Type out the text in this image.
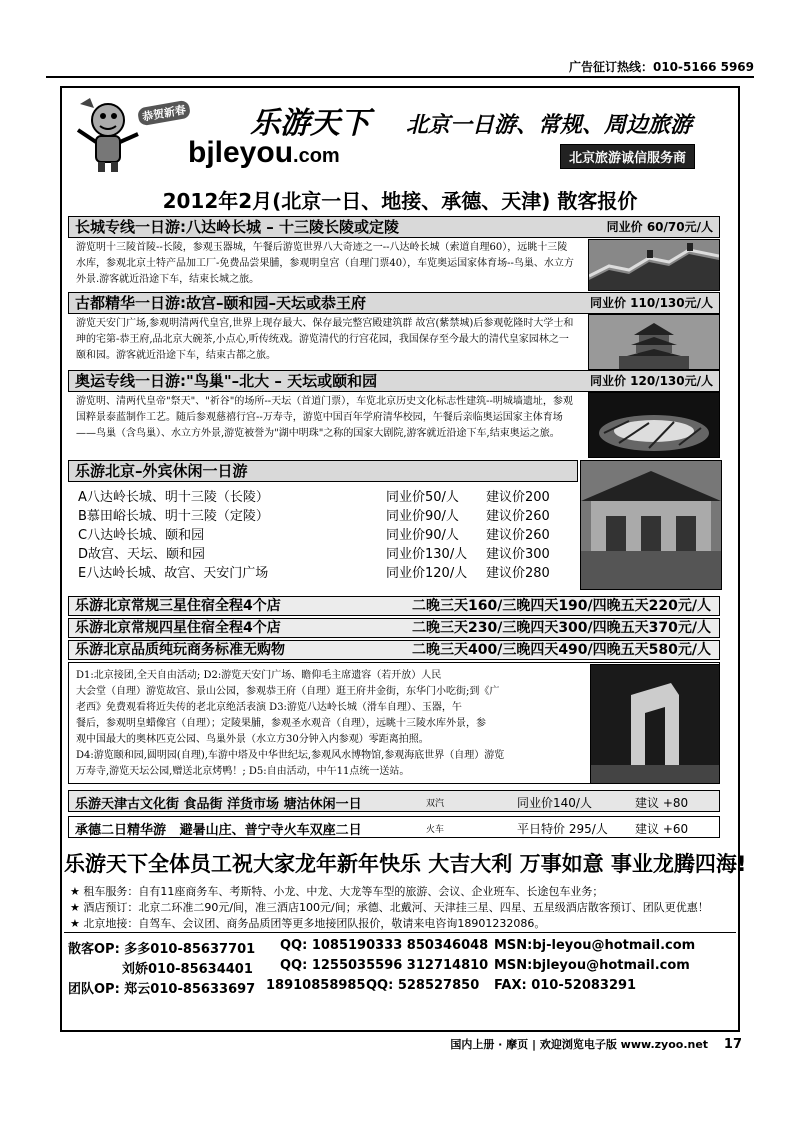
广告征订热线：010-5166 5969
恭贺新春 乐游天下 北京一日游、常规、周边旅游
bjleyou.com	北京旅游诚信服务商
2012年2月(北京一日、地接、承德、天津) 散客报价
长城专线一日游:八达岭长城 – 十三陵长陵或定陵	同业价 60/70元/人
游览明十三陵首陵--长陵，参观玉器城，午餐后游览世界八大奇迹之一--八达岭长城（索道自理60），远眺十三陵水库，参观北京土特产品加工厂-免费品尝果脯，参观明皇宫（自理门票40），车览奥运国家体育场--鸟巢、水立方外景.游客就近沿途下车，结束长城之旅。
古都精华一日游:故宫–颐和园–天坛或恭王府	同业价 110/130元/人
游览天安门广场,参观明清两代皇宫,世界上现存最大、保存最完整宫殿建筑群 故宫(紫禁城)后参观乾隆时大学士和珅的宅第-恭王府,品北京大碗茶,小点心,听传统戏。游览清代的行宫花园，我国保存至今最大的清代皇家园林之一颐和园。游客就近沿途下车，结束古都之旅。
奥运专线一日游:"鸟巢"–北大 – 天坛或颐和园	同业价 120/130元/人
游览明、清两代皇帝"祭天"、"祈谷"的场所--天坛（首道门票），车览北京历史文化标志性建筑--明城墙遗址，参观国粹景泰蓝制作工艺。随后参观慈禧行宫--万寿寺，游览中国百年学府清华校园，午餐后亲临奥运国家主体育场——鸟巢（含鸟巢）、水立方外景,游览被誉为"湖中明珠"之称的国家大剧院,游客就近沿途下车,结束奥运之旅。
乐游北京–外宾休闲一日游
A八达岭长城、明十三陵（长陵）	同业价50/人 建议价200
B慕田峪长城、明十三陵（定陵）	同业价90/人 建议价260
C八达岭长城、颐和园	同业价90/人 建议价260
D故宫、天坛、颐和园	同业价130/人 建议价300
E八达岭长城、故宫、天安门广场	同业价120/人 建议价280
乐游北京常规三星住宿全程4个店	二晚三天160/三晚四天190/四晚五天220元/人
乐游北京常规四星住宿全程4个店	二晚三天230/三晚四天300/四晚五天370元/人
乐游北京品质纯玩商务标准无购物	二晚三天400/三晚四天490/四晚五天580元/人
D1:北京接团,全天自由活动; D2:游览天安门广场、瞻仰毛主席遗容（若开放）人民
大会堂（自理）游览故宫、景山公园，参观恭王府（自理）逛王府井金街，东华门小吃街;到《广
老西》免费观看将近失传的老北京绝活表演 D3:游览八达岭长城（滑车自理）、玉器，午
餐后，参观明皇蜡像宫（自理）；定陵果脯，参观圣水观音（自理），远眺十三陵水库外景，参
观中国最大的奥林匹克公园、鸟巢外景（水立方30分钟入内参观）零距离拍照。
D4:游览颐和园,圆明园(自理),车游中塔及中华世纪坛,参观风水博物馆,参观海底世界（自理）游览
万寿寺,游览天坛公园,赠送北京烤鸭！; D5:自由活动，中午11点统一送站。
乐游天津古文化街 食品街 洋货市场 塘沽休闲一日	双汽	同业价140/人	建议 +80
承德二日精华游   避暑山庄、普宁寺火车双座二日	火车	平日特价 295/人 建议 +60
乐游天下全体员工祝大家龙年新年快乐 大吉大利 万事如意 事业龙腾四海!
★ 租车服务：自有11座商务车、考斯特、小龙、中龙、大龙等车型的旅游、会议、企业班车、长途包车业务；
★ 酒店预订：北京二环准二90元/间，准三酒店100元/间；承德、北戴河、天津挂三星、四星、五星级酒店散客预订、团队更优惠！
★ 北京地接：自驾车、会议团、商务品质团等更多地接团队报价，敬请来电咨询18901232086。
散客OP: 多多010-85637701 QQ: 1085190333 850346048 MSN:bj-leyou@hotmail.com
刘娇010-85634401 QQ: 1255035596 312714810 MSN:bjleyou@hotmail.com
团队OP: 郑云010-85633697 18910858985 QQ: 528527850 FAX: 010-52083291
国内上册 · 摩页 | 欢迎浏览电子版 www.zyoo.net 17
